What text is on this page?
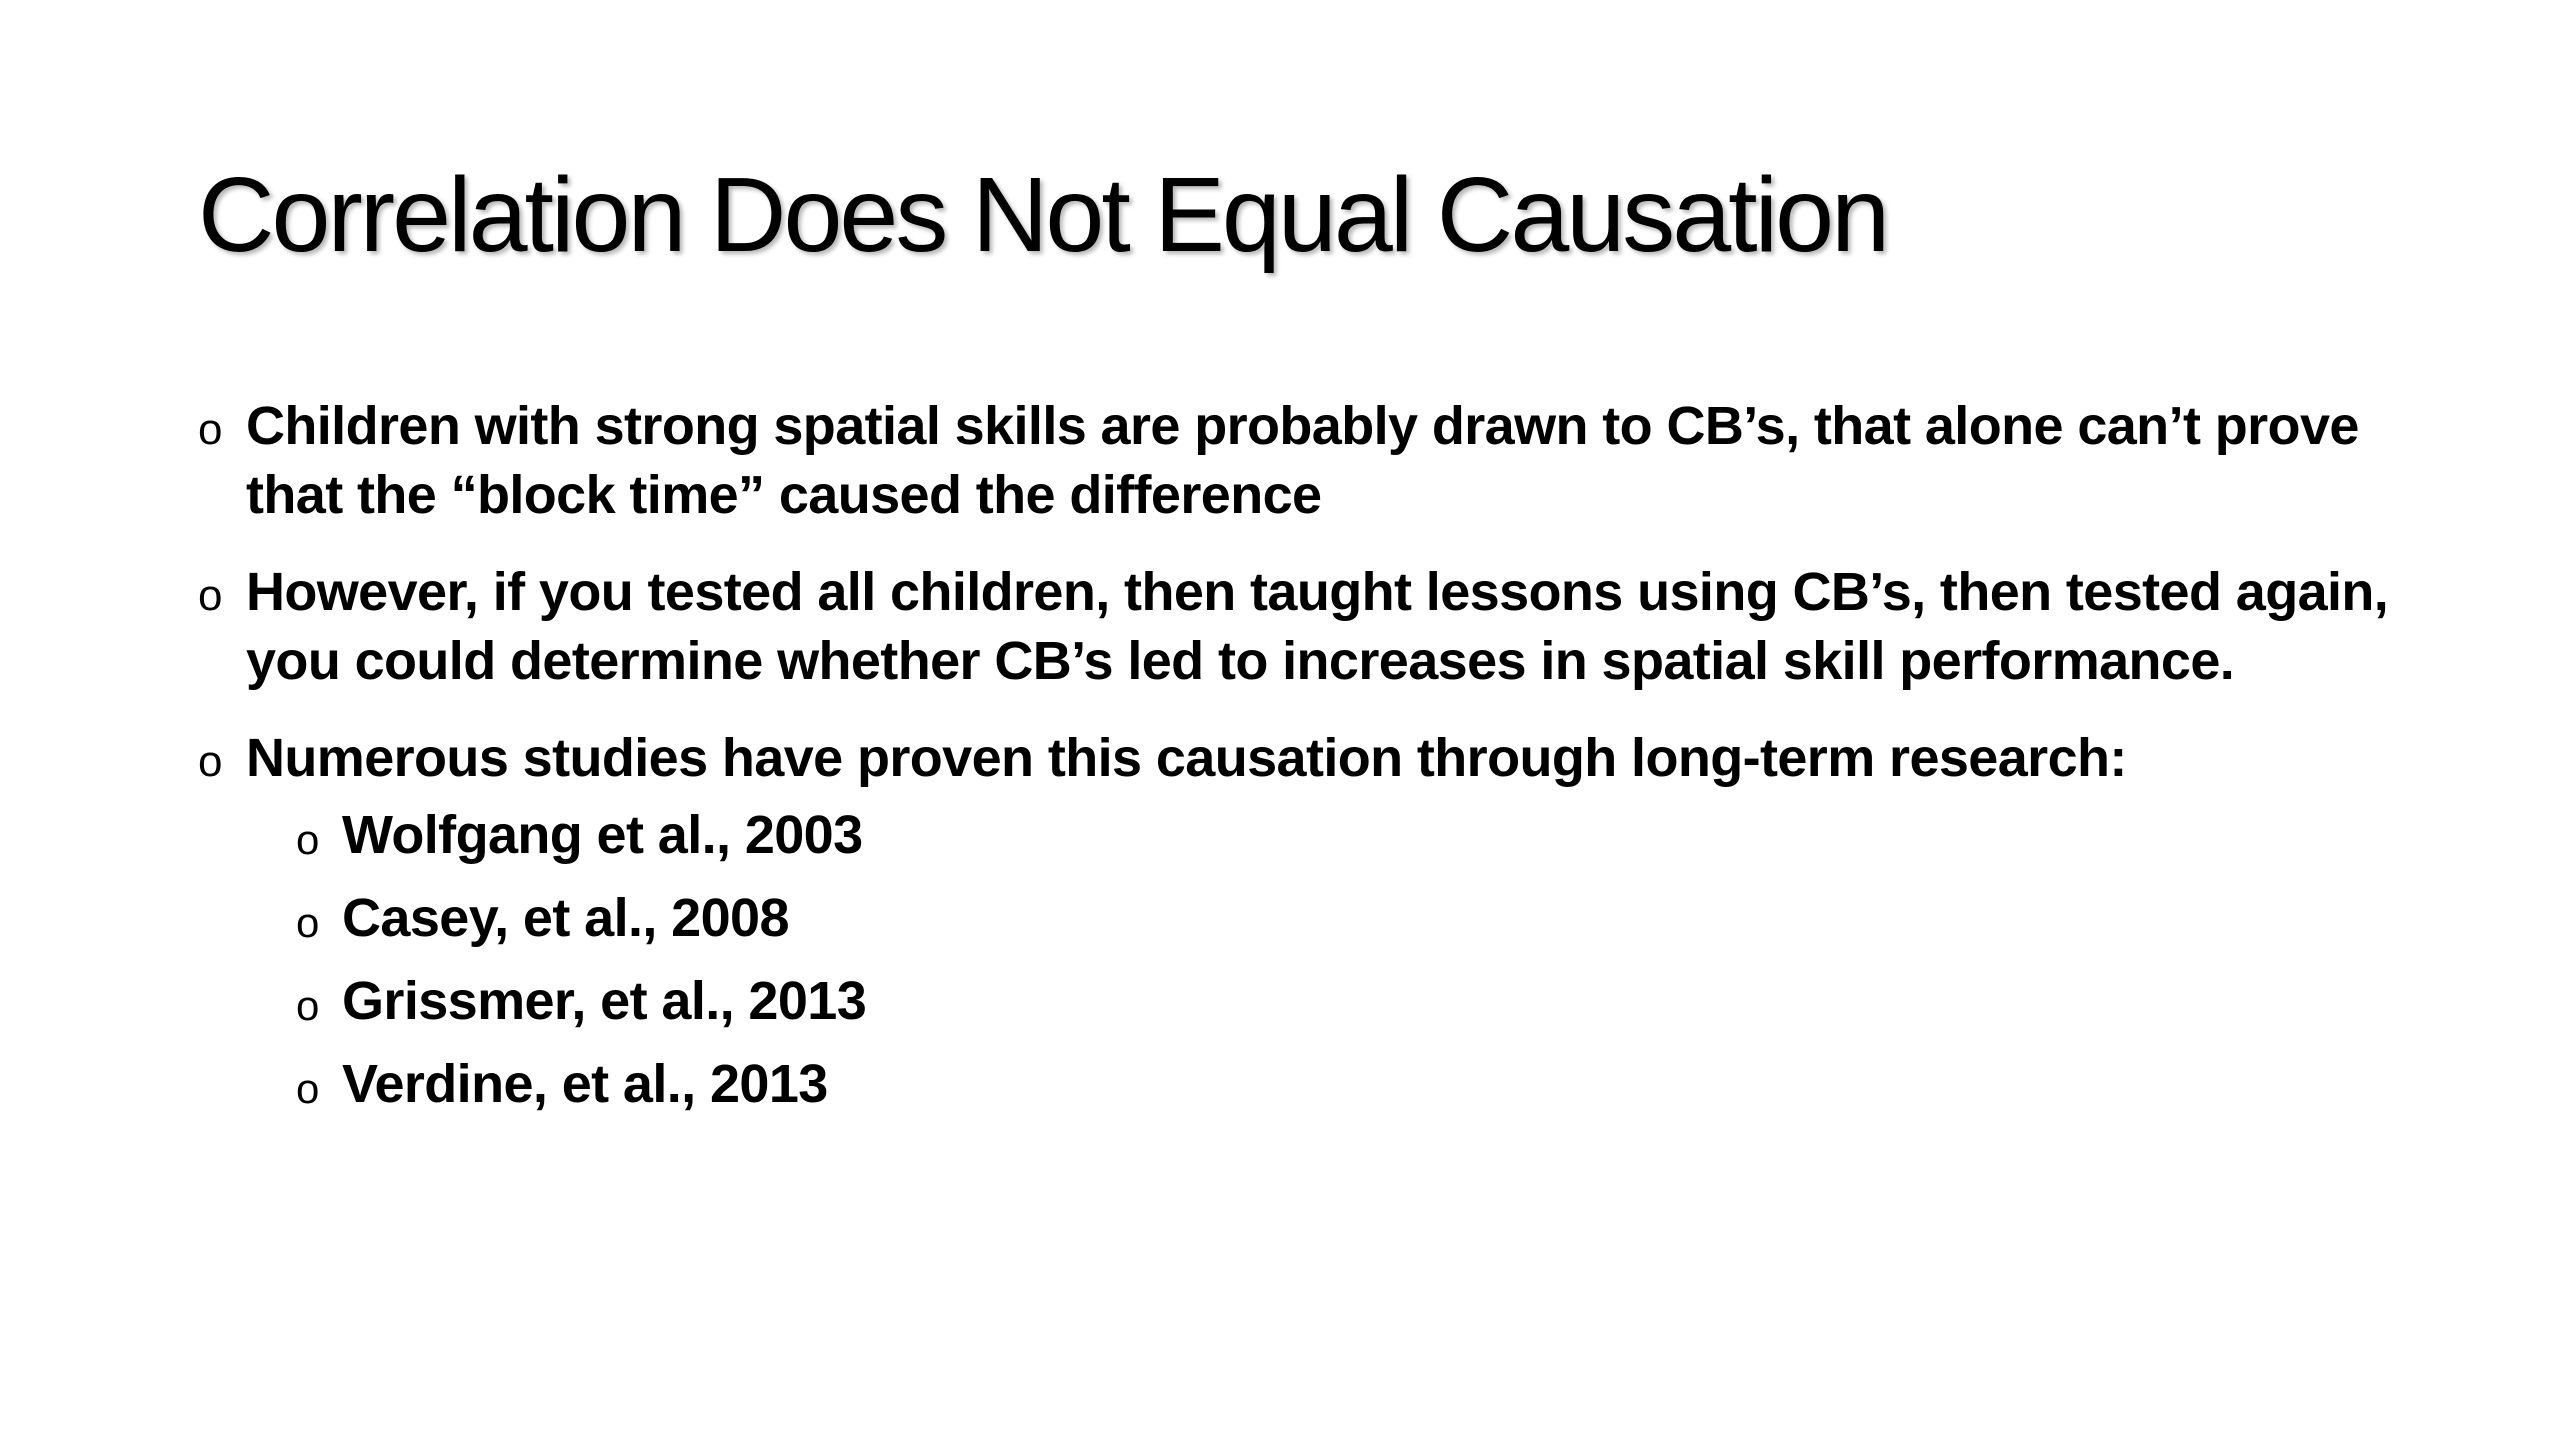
Correlation Does Not Equal Causation
o Children with strong spatial skills are probably drawn to CB’s, that alone can’t prove that the “block time” caused the difference
o However, if you tested all children, then taught lessons using CB’s, then tested again, you could determine whether CB’s led to increases in spatial skill performance.
o Numerous studies have proven this causation through long-term research:
o Wolfgang et al., 2003
o Casey, et al., 2008
o Grissmer, et al., 2013
o Verdine, et al., 2013
